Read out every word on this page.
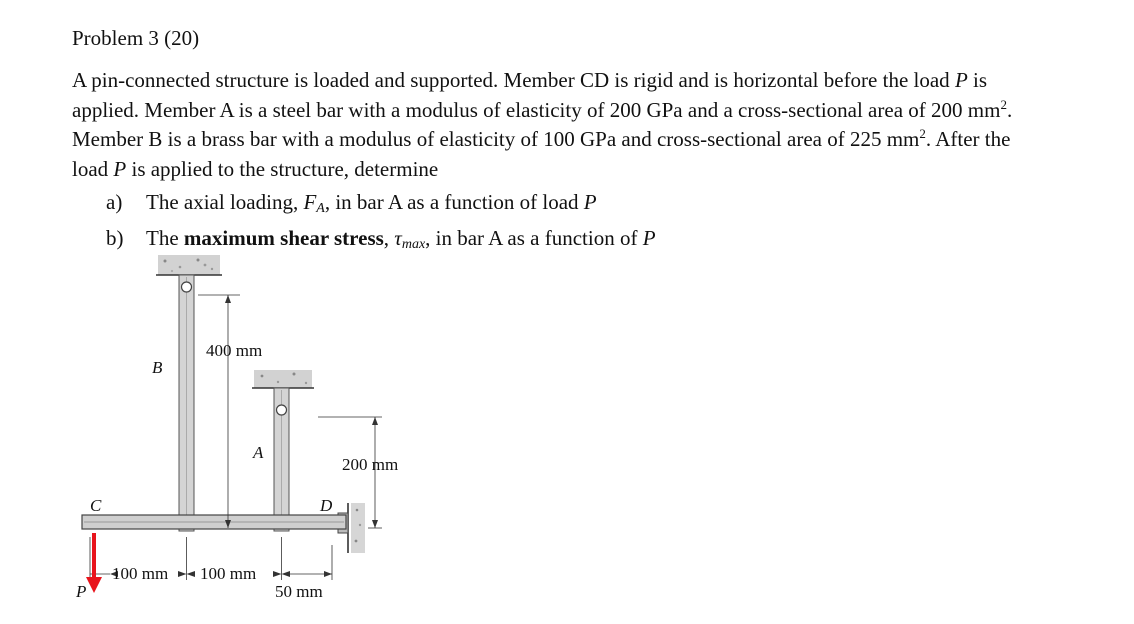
Problem 3 (20)

A pin-connected structure is loaded and supported. Member CD is rigid and is horizontal before the load P is applied. Member A is a steel bar with a modulus of elasticity of 200 GPa and a cross-sectional area of 200 $mm^2$. Member B is a brass bar with a modulus of elasticity of 100 GPa and cross-sectional area of 225 $mm^2$. After the load P is applied to the structure, determine

a) The axial loading, $F_A$, in bar A as a function of load P
b) The maximum shear stress, $\tau_{max}$, in bar A as a function of P
B
A
C	D
P
400 mm
200 mm
100 mm 100 mm
50 mm
